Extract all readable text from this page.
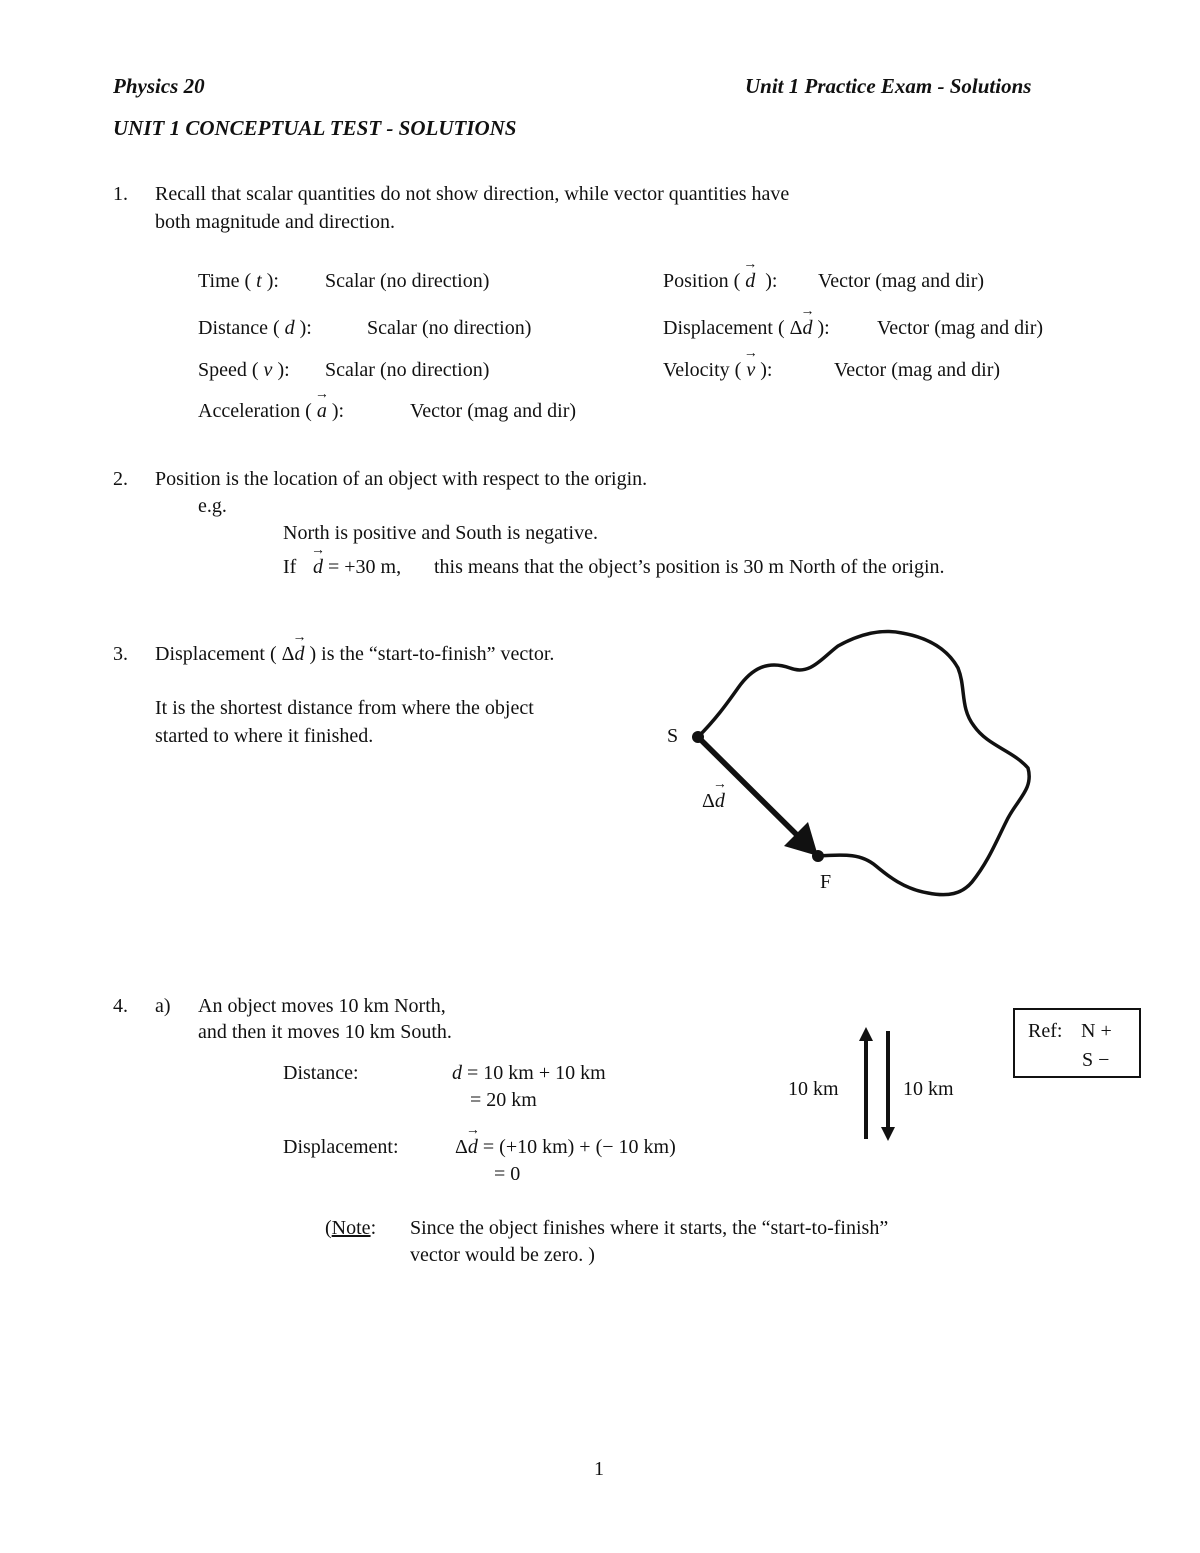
Physics 20	Unit 1 Practice Exam - Solutions
UNIT 1 CONCEPTUAL TEST - SOLUTIONS
1. Recall that scalar quantities do not show direction, while vector quantities have
both magnitude and direction.
Time ( t ): Scalar (no direction)	Position ( → d ): Vector (mag and dir)
Distance ( d ):	Scalar (no direction)	Displacement ( Δ→ d ): Vector (mag and dir)
Speed ( v ): Scalar (no direction)	Velocity ( → v ):	Vector (mag and dir)
Acceleration ( → a ):	Vector (mag and dir)
2. Position is the location of an object with respect to the origin.
e.g.
North is positive and South is negative.
If → d = +30 m, this means that the object’s position is 30 m North of the origin.
3. Displacement ( Δ→ d ) is the “start-to-finish” vector.
It is the shortest distance from where the object
started to where it finished.	S
F
Δ→ d
4. a) An object moves 10 km North,
and then it moves 10 km South.
Distance:	d = 10 km + 10 km
= 20 km
Displacement:	Δ→ d = (+10 km) + (− 10 km)
= 0
(Note: Since the object finishes where it starts, the “start-to-finish”
vector would be zero. )
10 km	10 km
Ref: N +
S −
1
